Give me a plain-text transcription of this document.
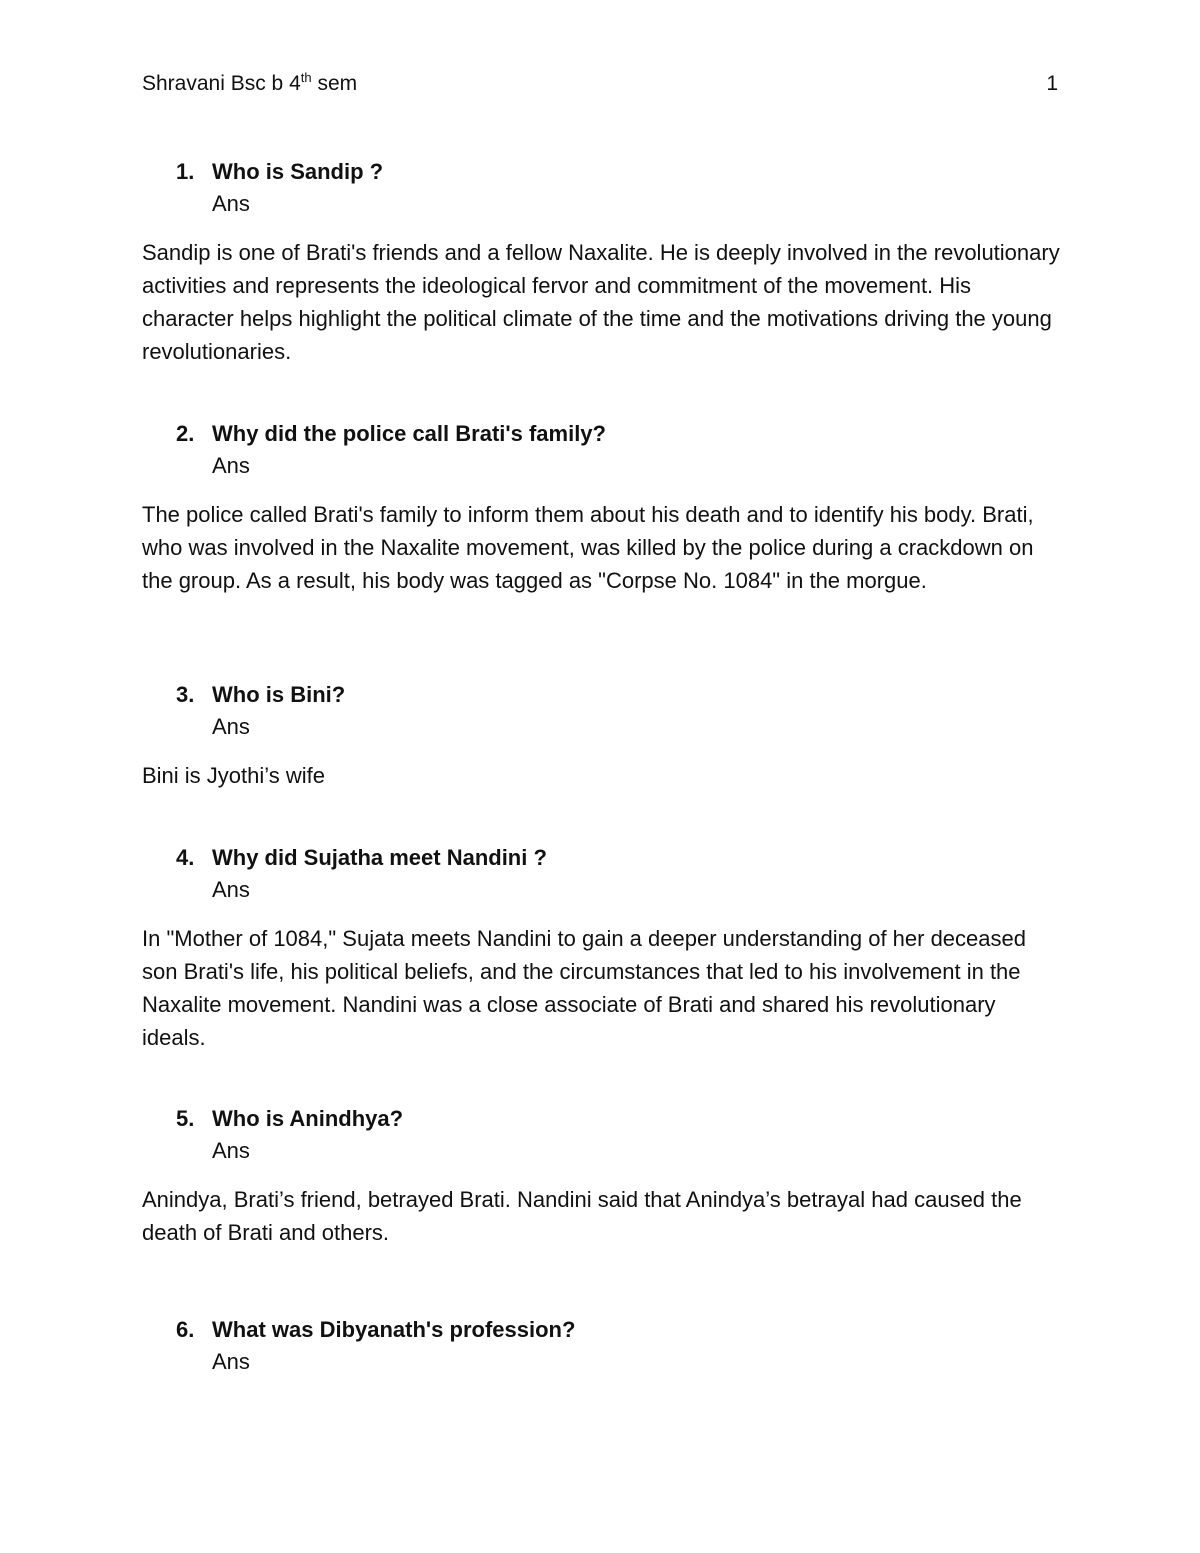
Shravani Bsc b 4th sem	1
1. Who is Sandip ?
Ans
Sandip is one of Brati's friends and a fellow Naxalite. He is deeply involved in the revolutionary activities and represents the ideological fervor and commitment of the movement. His character helps highlight the political climate of the time and the motivations driving the young revolutionaries.
2. Why did the police call Brati's family?
Ans
The police called Brati's family to inform them about his death and to identify his body. Brati, who was involved in the Naxalite movement, was killed by the police during a crackdown on the group. As a result, his body was tagged as "Corpse No. 1084" in the morgue.
3. Who is Bini?
Ans
Bini is Jyothi’s wife
4. Why did Sujatha meet Nandini ?
Ans
In "Mother of 1084," Sujata meets Nandini to gain a deeper understanding of her deceased son Brati's life, his political beliefs, and the circumstances that led to his involvement in the Naxalite movement. Nandini was a close associate of Brati and shared his revolutionary ideals.
5. Who is Anindhya?
Ans
Anindya, Brati’s friend, betrayed Brati. Nandini said that Anindya’s betrayal had caused the death of Brati and others.
6. What was Dibyanath's profession?
Ans
